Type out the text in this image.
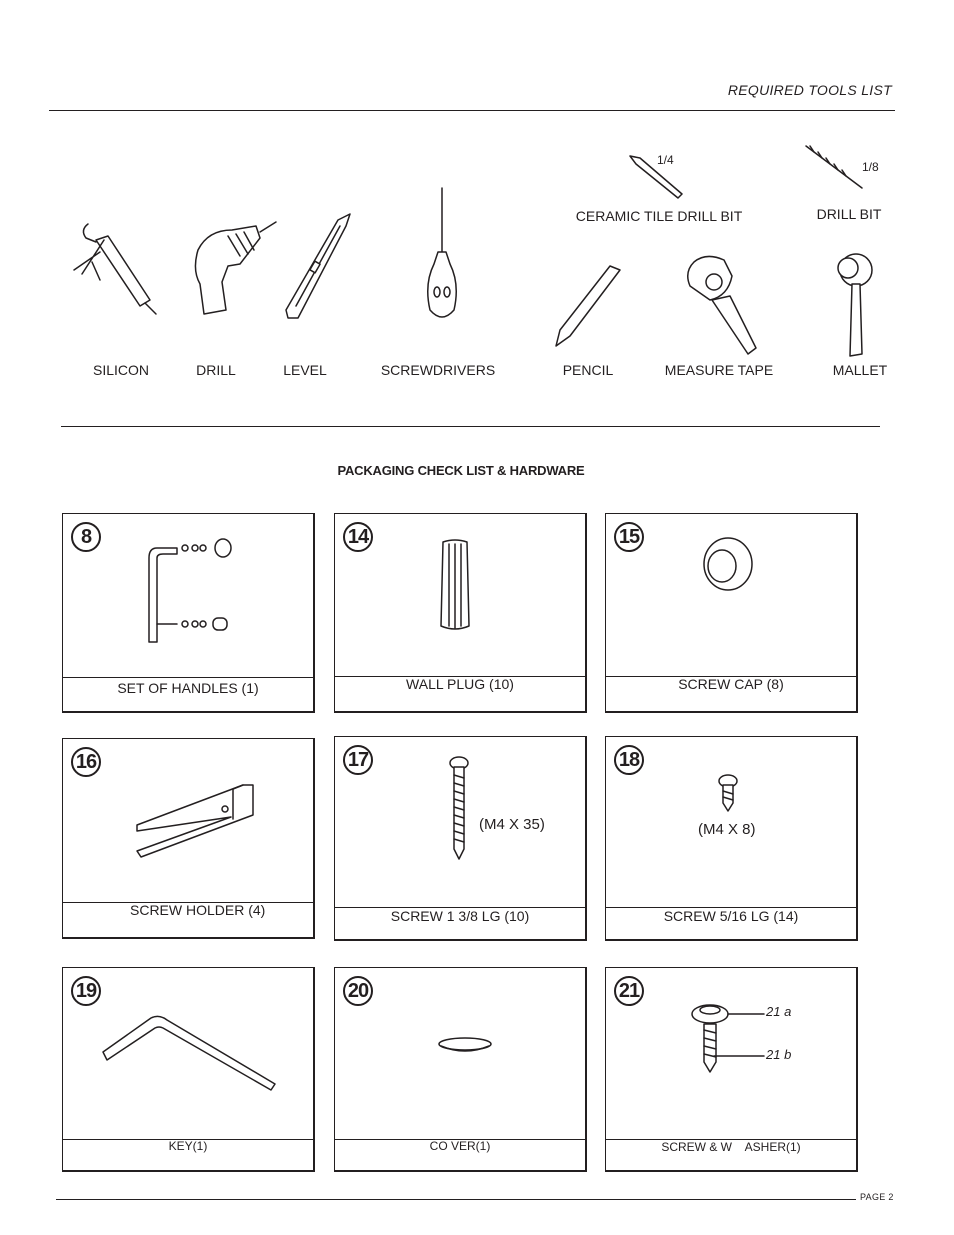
REQUIRED TOOLS LIST
SILICON	DRILL	LEVEL	SCREWDRIVERS	PENCIL	MEASURE TAPE	MALLET
CERAMIC TILE DRILL BIT	DRILL BIT
1/4	1/8
PACKAGING CHECK LIST & HARDWARE
8
SET OF HANDLES (1)
14
WALL PLUG (10)
15
SCREW CAP (8)
16
SCREW HOLDER (4)
17
(M4 X 35)
SCREW 1 3/8 LG (10)
18
(M4 X 8)
SCREW 5/16 LG (14)
19
KEY(1)
20
CO VER(1)
21
21 a
21 b
SCREW & W    ASHER(1)
PAGE 2
